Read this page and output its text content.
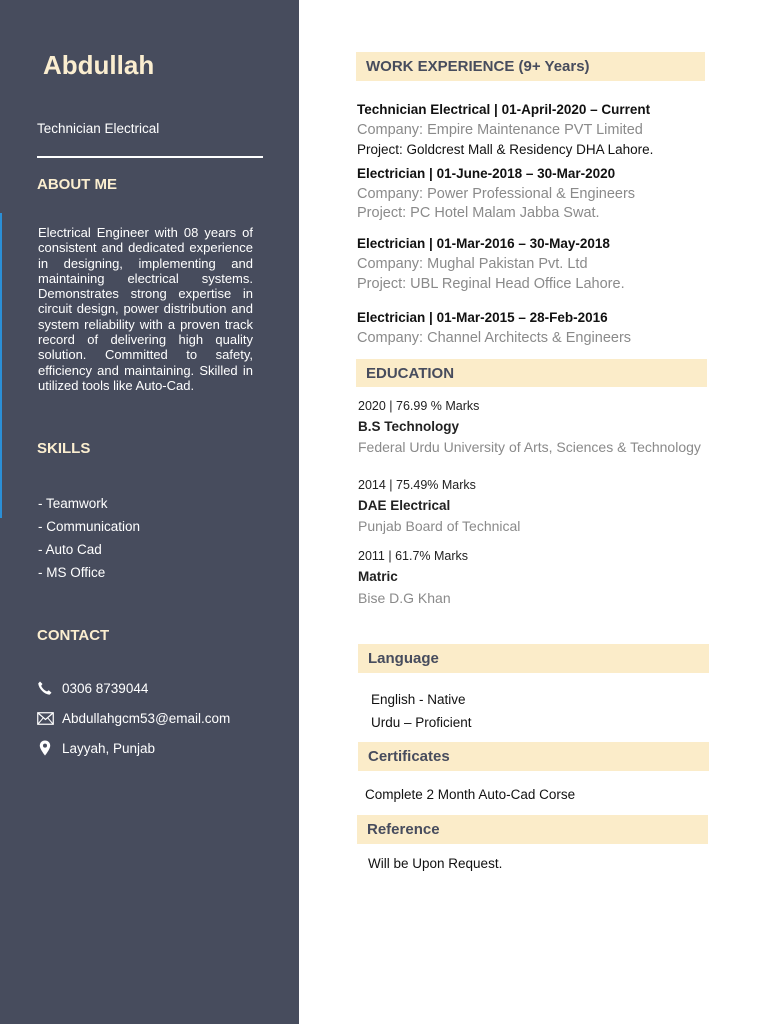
Abdullah
Technician Electrical
ABOUT ME
Electrical Engineer with 08 years of consistent and dedicated experience in designing, implementing and maintaining electrical systems. Demonstrates strong expertise in circuit design, power distribution and system reliability with a proven track record of delivering high quality solution. Committed to safety, efficiency and maintaining. Skilled in utilized tools like Auto-Cad.
SKILLS
- Teamwork
- Communication
- Auto Cad
- MS Office
CONTACT
0306 8739044
Abdullahgcm53@email.com
Layyah, Punjab
WORK EXPERIENCE (9+ Years)
Technician Electrical | 01-April-2020 – Current
Company: Empire Maintenance PVT Limited
Project: Goldcrest Mall & Residency DHA Lahore.
Electrician | 01-June-2018 – 30-Mar-2020
Company: Power Professional & Engineers
Project: PC Hotel Malam Jabba Swat.
Electrician | 01-Mar-2016 – 30-May-2018
Company: Mughal Pakistan Pvt. Ltd
Project: UBL Reginal Head Office Lahore.
Electrician | 01-Mar-2015 – 28-Feb-2016
Company: Channel Architects & Engineers
EDUCATION
2020 | 76.99 % Marks
B.S Technology
Federal Urdu University of Arts, Sciences & Technology
2014 | 75.49% Marks
DAE Electrical
Punjab Board of Technical
2011 | 61.7% Marks
Matric
Bise D.G Khan
Language
English - Native
Urdu – Proficient
Certificates
Complete 2 Month Auto-Cad Corse
Reference
Will be Upon Request.
